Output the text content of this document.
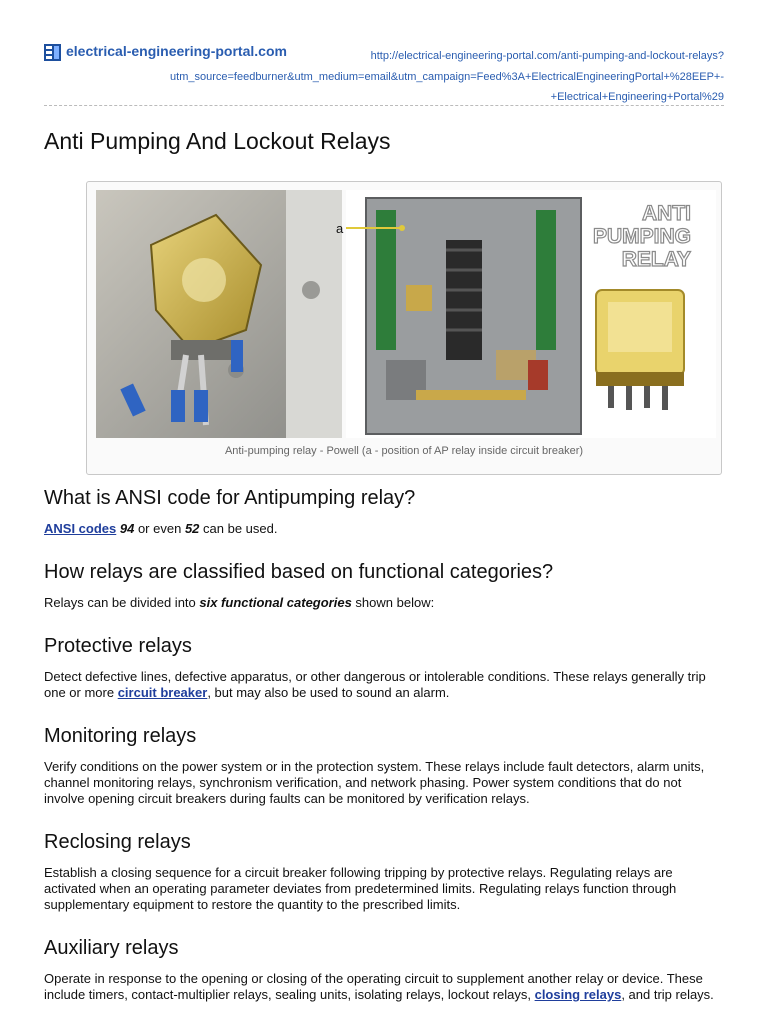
electrical-engineering-portal.com	http://electrical-engineering-portal.com/anti-pumping-and-lockout-relays?
utm_source=feedburner&utm_medium=email&utm_campaign=Feed%3A+ElectricalEngineeringPortal+%28EEP+-
+Electrical+Engineering+Portal%29
Anti Pumping And Lockout Relays
a
ANTI
PUMPING
RELAY
Anti-pumping relay - Powell (a - position of AP relay inside circuit breaker)
What is ANSI code for Antipumping relay?

ANSI codes 94 or even 52 can be used.

How relays are classified based on functional categories?

Relays can be divided into six functional categories shown below:

Protective relays

Detect defective lines, defective apparatus, or other dangerous or intolerable conditions. These relays generally trip one or more circuit breaker, but may also be used to sound an alarm.

Monitoring relays

Verify conditions on the power system or in the protection system. These relays include fault detectors, alarm units, channel monitoring relays, synchronism verification, and network phasing. Power system conditions that do not involve opening circuit breakers during faults can be monitored by verification relays.

Reclosing relays

Establish a closing sequence for a circuit breaker following tripping by protective relays. Regulating relays are activated when an operating parameter deviates from predetermined limits. Regulating relays function through supplementary equipment to restore the quantity to the prescribed limits.

Auxiliary relays

Operate in response to the opening or closing of the operating circuit to supplement another relay or device. These include timers, contact-multiplier relays, sealing units, isolating relays, lockout relays, closing relays, and trip relays.
